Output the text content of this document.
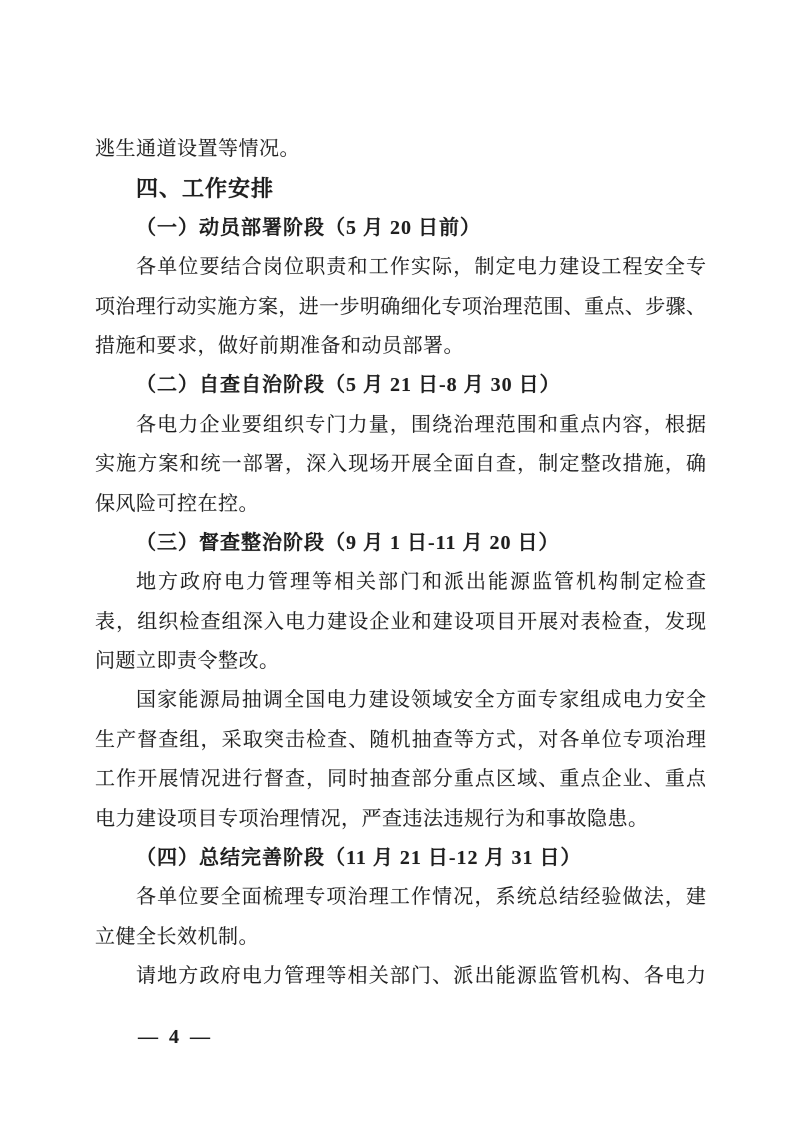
逃生通道设置等情况。
四、工作安排
（一）动员部署阶段（5 月 20 日前）
各单位要结合岗位职责和工作实际，制定电力建设工程安全专
项治理行动实施方案，进一步明确细化专项治理范围、重点、步骤、
措施和要求，做好前期准备和动员部署。
（二）自查自治阶段（5 月 21 日-8 月 30 日）
各电力企业要组织专门力量，围绕治理范围和重点内容，根据
实施方案和统一部署，深入现场开展全面自查，制定整改措施，确
保风险可控在控。
（三）督查整治阶段（9 月 1 日-11 月 20 日）
地方政府电力管理等相关部门和派出能源监管机构制定检查
表，组织检查组深入电力建设企业和建设项目开展对表检查，发现
问题立即责令整改。
国家能源局抽调全国电力建设领域安全方面专家组成电力安全
生产督查组，采取突击检查、随机抽查等方式，对各单位专项治理
工作开展情况进行督查，同时抽查部分重点区域、重点企业、重点
电力建设项目专项治理情况，严查违法违规行为和事故隐患。
（四）总结完善阶段（11 月 21 日-12 月 31 日）
各单位要全面梳理专项治理工作情况，系统总结经验做法，建
立健全长效机制。
请地方政府电力管理等相关部门、派出能源监管机构、各电力
— 4 —
